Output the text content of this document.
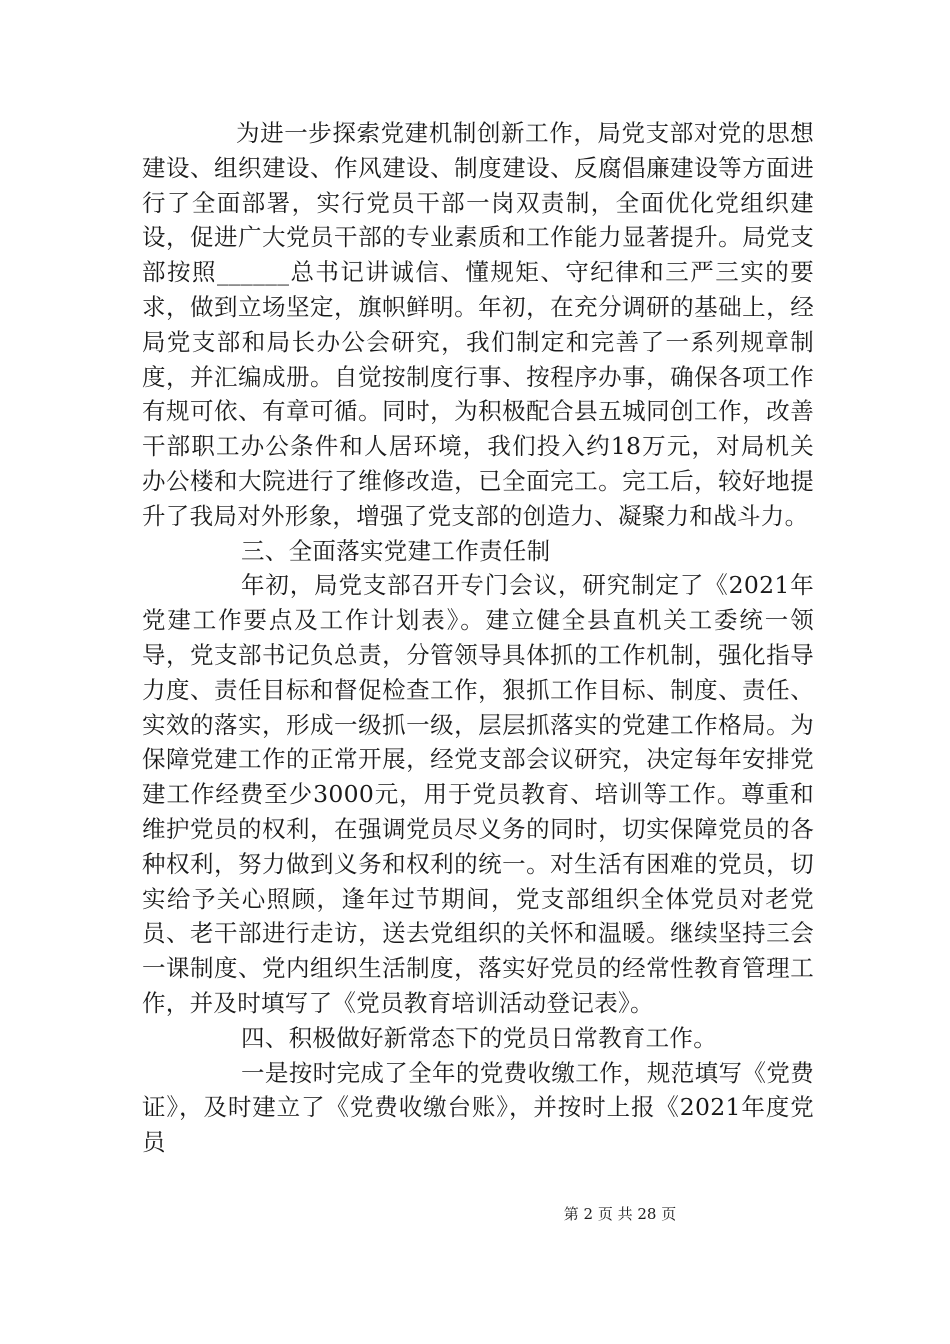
为进一步探索党建机制创新工作，局党支部对党的思想建设、组织建设、作风建设、制度建设、反腐倡廉建设等方面进行了全面部署，实行党员干部一岗双责制，全面优化党组织建设，促进广大党员干部的专业素质和工作能力显著提升。局党支部按照______总书记讲诚信、懂规矩、守纪律和三严三实的要求，做到立场坚定，旗帜鲜明。年初，在充分调研的基础上，经局党支部和局长办公会研究，我们制定和完善了一系列规章制度，并汇编成册。自觉按制度行事、按程序办事，确保各项工作有规可依、有章可循。同时，为积极配合县五城同创工作，改善干部职工办公条件和人居环境，我们投入约18万元，对局机关办公楼和大院进行了维修改造，已全面完工。完工后，较好地提升了我局对外形象，增强了党支部的创造力、凝聚力和战斗力。

三、全面落实党建工作责任制

年初，局党支部召开专门会议，研究制定了《2021年党建工作要点及工作计划表》。建立健全县直机关工委统一领导，党支部书记负总责，分管领导具体抓的工作机制，强化指导力度、责任目标和督促检查工作，狠抓工作目标、制度、责任、实效的落实，形成一级抓一级，层层抓落实的党建工作格局。为保障党建工作的正常开展，经党支部会议研究，决定每年安排党建工作经费至少3000元，用于党员教育、培训等工作。尊重和维护党员的权利，在强调党员尽义务的同时，切实保障党员的各种权利，努力做到义务和权利的统一。对生活有困难的党员，切实给予关心照顾，逢年过节期间，党支部组织全体党员对老党员、老干部进行走访，送去党组织的关怀和温暖。继续坚持三会一课制度、党内组织生活制度，落实好党员的经常性教育管理工作，并及时填写了《党员教育培训活动登记表》。

四、积极做好新常态下的党员日常教育工作。

一是按时完成了全年的党费收缴工作，规范填写《党费证》，及时建立了《党费收缴台账》，并按时上报《2021年度党员

第 2 页 共 28 页
